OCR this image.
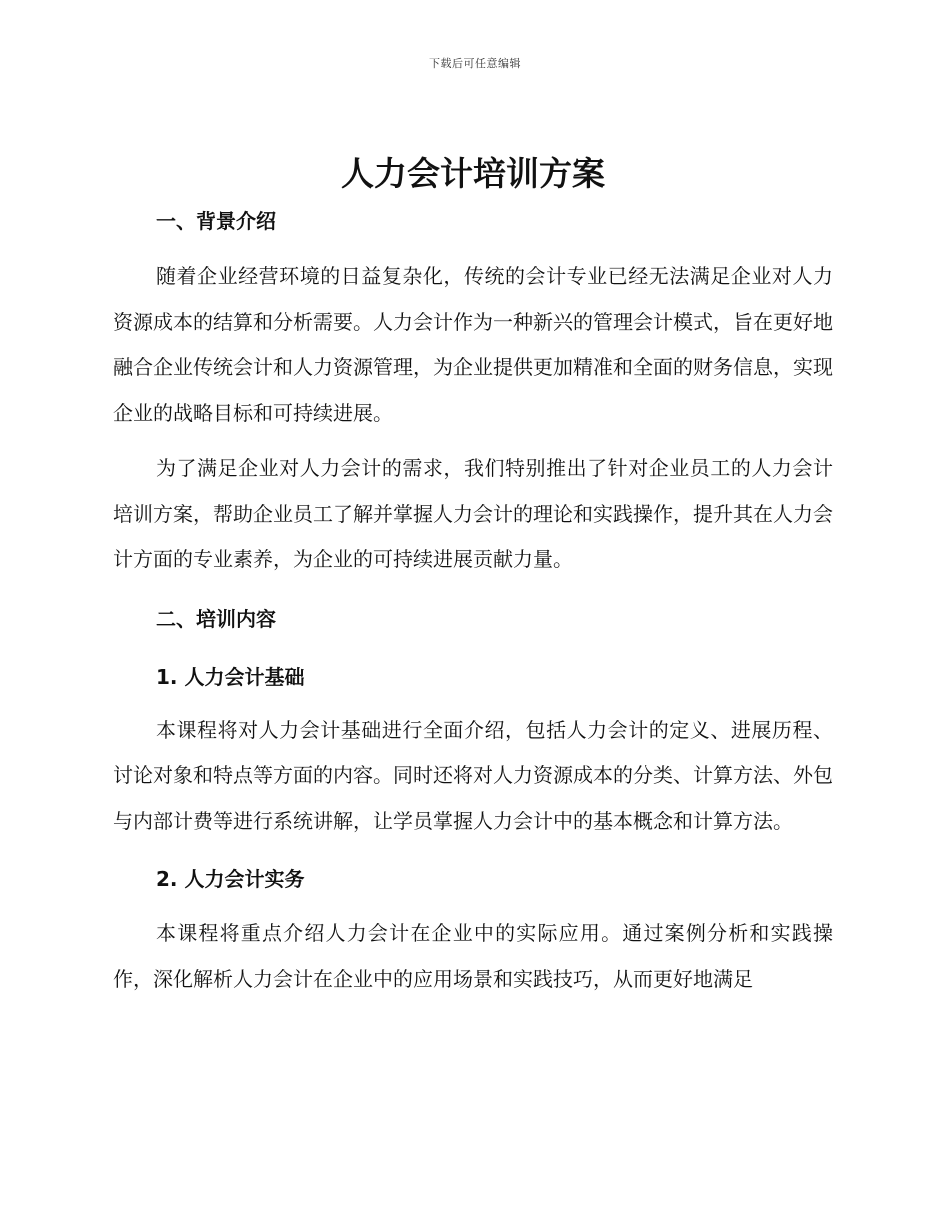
下载后可任意编辑
人力会计培训方案
一、背景介绍

随着企业经营环境的日益复杂化，传统的会计专业已经无法满足企业对人力资源成本的结算和分析需要。人力会计作为一种新兴的管理会计模式，旨在更好地融合企业传统会计和人力资源管理，为企业提供更加精准和全面的财务信息，实现企业的战略目标和可持续进展。

为了满足企业对人力会计的需求，我们特别推出了针对企业员工的人力会计培训方案，帮助企业员工了解并掌握人力会计的理论和实践操作，提升其在人力会计方面的专业素养，为企业的可持续进展贡献力量。

二、培训内容
1. 人力会计基础

本课程将对人力会计基础进行全面介绍，包括人力会计的定义、进展历程、讨论对象和特点等方面的内容。同时还将对人力资源成本的分类、计算方法、外包与内部计费等进行系统讲解，让学员掌握人力会计中的基本概念和计算方法。

2. 人力会计实务

本课程将重点介绍人力会计在企业中的实际应用。通过案例分析和实践操作，深化解析人力会计在企业中的应用场景和实践技巧，从而更好地满足
